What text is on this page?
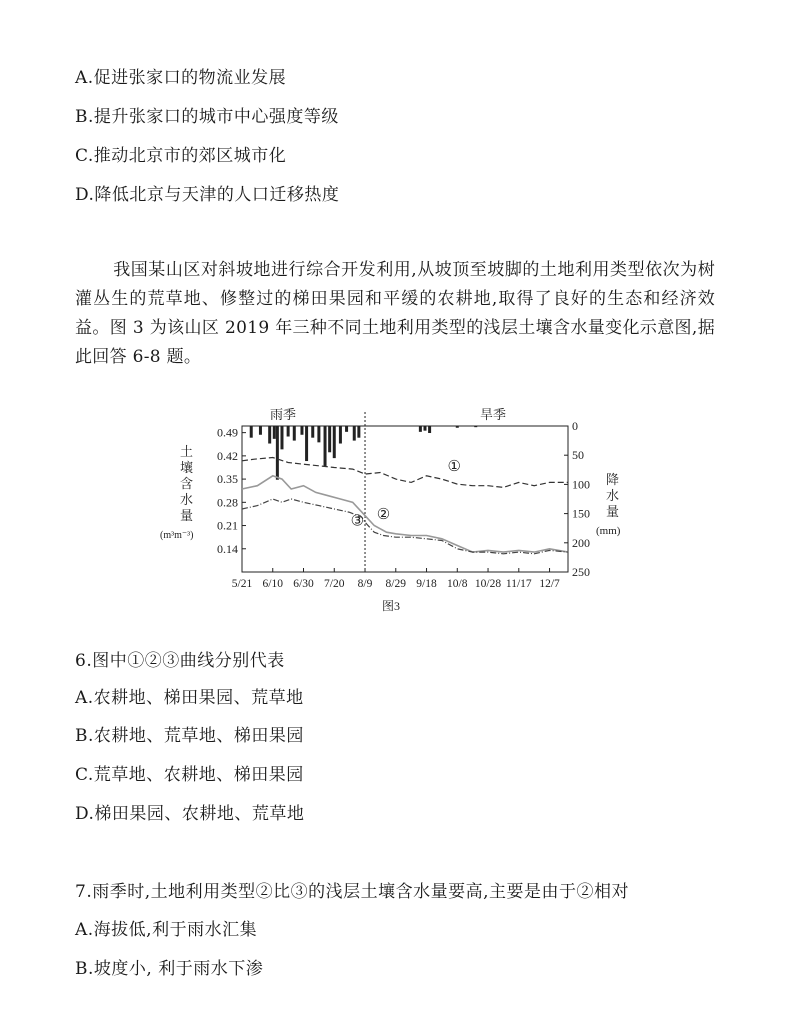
A.促进张家口的物流业发展
B.提升张家口的城市中心强度等级
C.推动北京市的郊区城市化
D.降低北京与天津的人口迁移热度
我国某山区对斜坡地进行综合开发利用,从坡顶至坡脚的土地利用类型依次为树灌丛生的荒草地、修整过的梯田果园和平缓的农耕地,取得了良好的生态和经济效益。图 3 为该山区 2019 年三种不同土地利用类型的浅层土壤含水量变化示意图,据此回答 6-8 题。
雨季	旱季
土
壤
含
水
量
(m³m⁻³)
降
水
量
(mm)
图3
0.49
0.42
0.35
0.28
0.21
0.14
0
50
100
150
200
250
5/21 6/10 6/30 7/20 8/9 8/29 9/18 10/8 10/28 11/17 12/7
①
②
③
6.图中①②③曲线分别代表
A.农耕地、梯田果园、荒草地
B.农耕地、荒草地、梯田果园
C.荒草地、农耕地、梯田果园
D.梯田果园、农耕地、荒草地
7.雨季时,土地利用类型②比③的浅层土壤含水量要高,主要是由于②相对
A.海拔低,利于雨水汇集
B.坡度小, 利于雨水下渗
